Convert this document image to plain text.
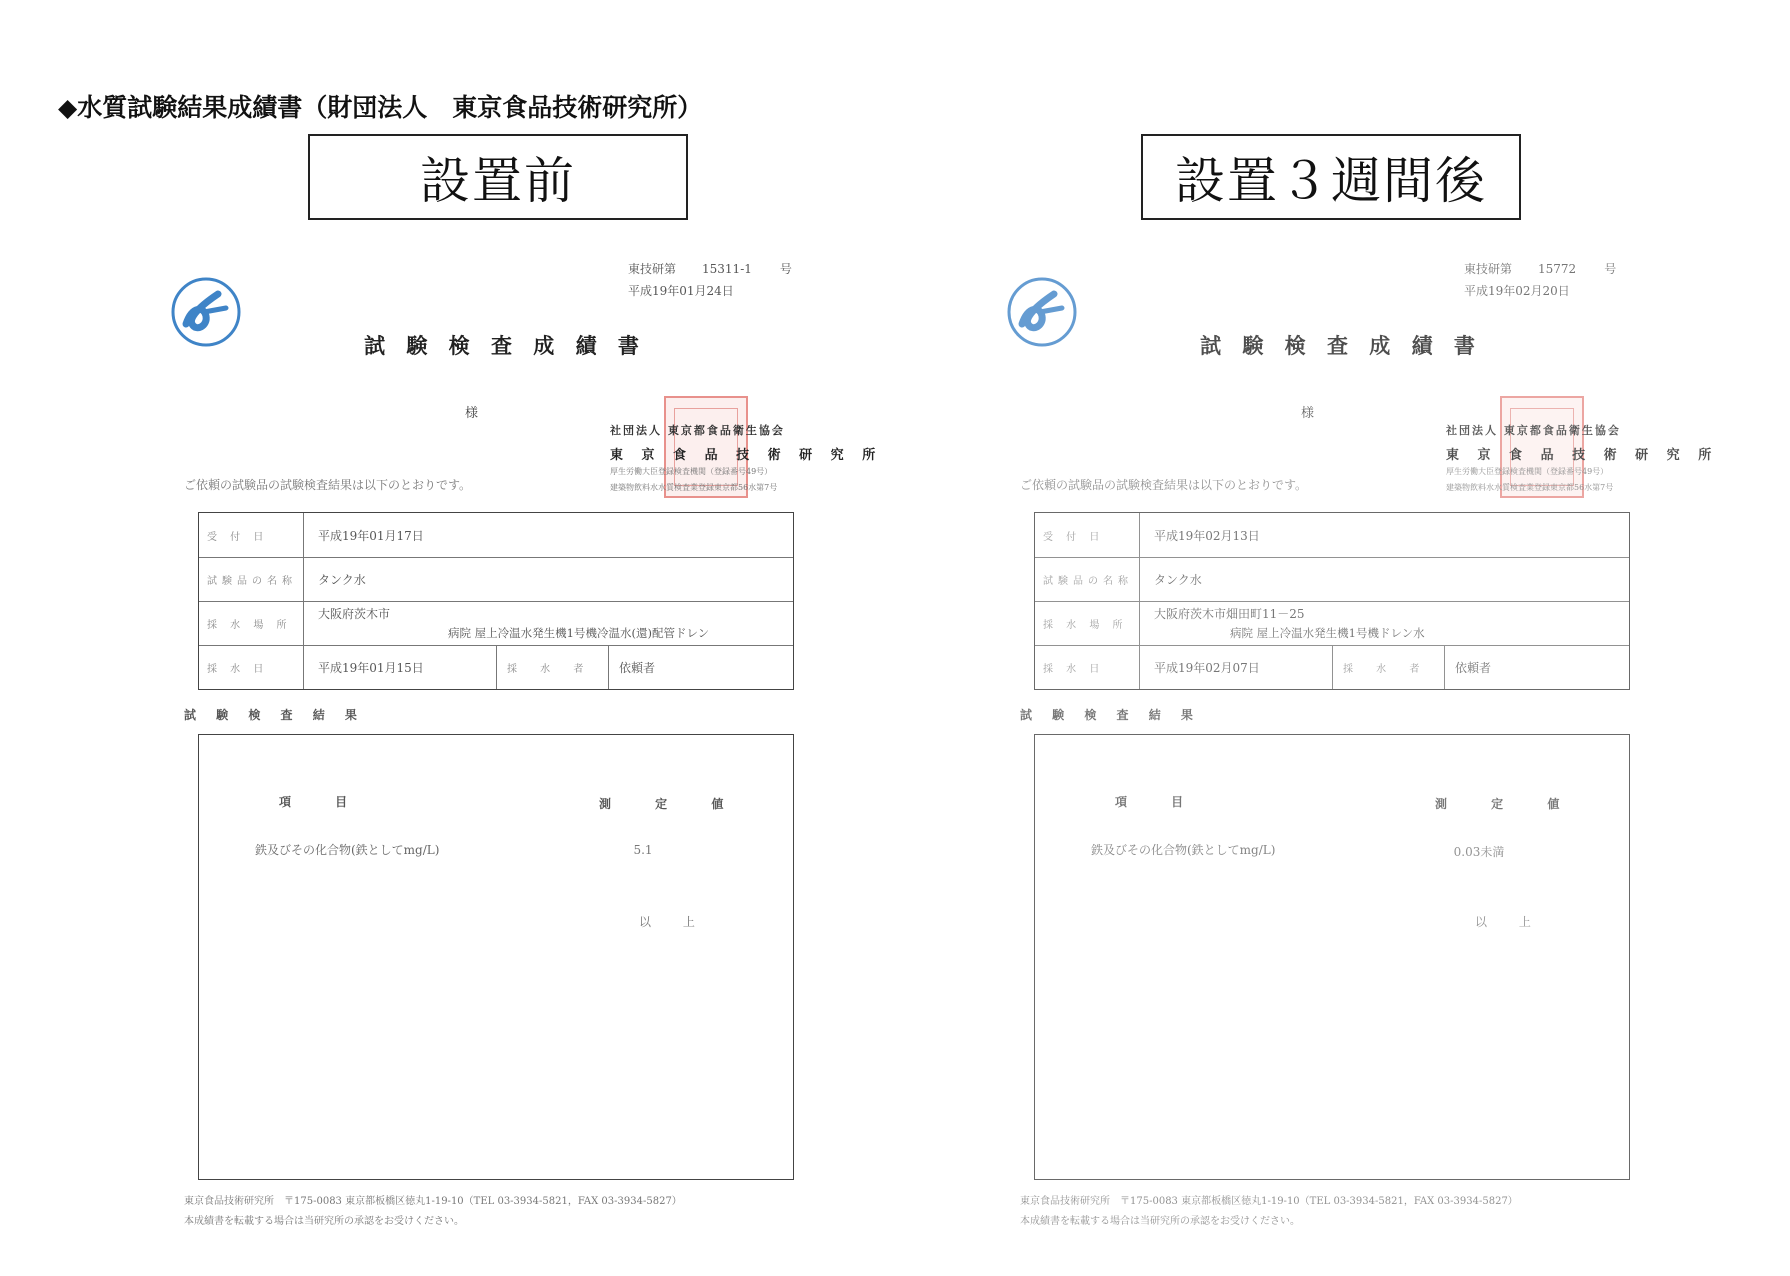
◆水質試験結果成績書（財団法人　東京食品技術研究所）
設置前	設置３週間後
東技研第 15311-1 号
平成19年01月24日
試 験 検 査 成 績 書
様
社団法人 東京都食品衛生協会
東 京 食 品 技 術 研 究 所
厚生労働大臣登録検査機関（登録番号49号）
建築物飲料水水質検査業登録東京都56水第7号
ご依頼の試験品の試験検査結果は以下のとおりです。
受 付 日	平成19年01月17日
試験品の名称	タンク水
採 水 場 所
大阪府茨木市
病院 屋上冷温水発生機1号機冷温水(還)配管ドレン
採 水 日	平成19年01月15日	採 水 者	依頼者
試 験 検 査 結 果
項 目	測 定 値
鉄及びその化合物(鉄としてmg/L)	5.1
以 上
東京食品技術研究所　〒175-0083 東京都板橋区徳丸1-19-10（TEL 03-3934-5821，FAX 03-3934-5827）
本成績書を転載する場合は当研究所の承認をお受けください。
東技研第 15772 号
平成19年02月20日
試 験 検 査 成 績 書
様
社団法人 東京都食品衛生協会
東 京 食 品 技 術 研 究 所
厚生労働大臣登録検査機関（登録番号49号）
建築物飲料水水質検査業登録東京都56水第7号
ご依頼の試験品の試験検査結果は以下のとおりです。
受 付 日	平成19年02月13日
試験品の名称	タンク水
採 水 場 所
大阪府茨木市畑田町11－25
病院 屋上冷温水発生機1号機ドレン水
採 水 日	平成19年02月07日	採 水 者	依頼者
試 験 検 査 結 果
項 目	測 定 値
鉄及びその化合物(鉄としてmg/L)	0.03未満
以 上
東京食品技術研究所　〒175-0083 東京都板橋区徳丸1-19-10（TEL 03-3934-5821，FAX 03-3934-5827）
本成績書を転載する場合は当研究所の承認をお受けください。
